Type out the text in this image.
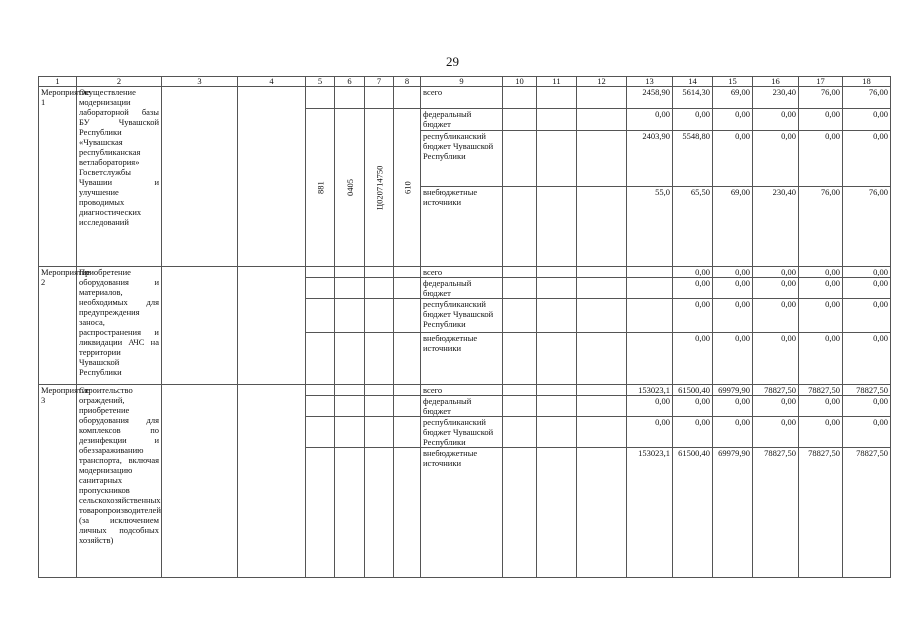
29
1	2	3	4	5	6	7	8	9	10	11	12	13	14	15	16	17	18
Мероприятие 1	Осуществление модернизации лабораторной базы БУ Чувашской Республики «Чувашская республиканская ветлаборатория» Госветслужбы Чувашии и улучшение проводимых диагностических исследований							всего				2458,90	5614,30	69,00	230,40	76,00	76,00
				881	0405	Ц020714750	610	федеральный бюджет				0,00	0,00	0,00	0,00	0,00	0,00
								республиканский бюджет Чувашской Республики				2403,90	5548,80	0,00	0,00	0,00	0,00
								внебюджетные источники				55,0	65,50	69,00	230,40	76,00	76,00
Мероприятие 2	Приобретение оборудования и материалов, необходимых для предупреждения заноса, распространения и ликвидации АЧС на территории Чувашской Республики							всего					0,00	0,00	0,00	0,00	0,00
								федеральный бюджет					0,00	0,00	0,00	0,00	0,00
								республиканский бюджет Чувашской Республики					0,00	0,00	0,00	0,00	0,00
								внебюджетные источники					0,00	0,00	0,00	0,00	0,00
Мероприятие 3	Строительство ограждений, приобретение оборудования для комплексов по дезинфекции и обеззараживанию транспорта, включая модернизацию санитарных пропускников сельскохозяйственных товаропроизводителей (за исключением личных подсобных хозяйств)							всего				153023,1	61500,40	69979,90	78827,50	78827,50	78827,50
								федеральный бюджет				0,00	0,00	0,00	0,00	0,00	0,00
								республиканский бюджет Чувашской Республики				0,00	0,00	0,00	0,00	0,00	0,00
								внебюджетные источники				153023,1	61500,40	69979,90	78827,50	78827,50	78827,50
